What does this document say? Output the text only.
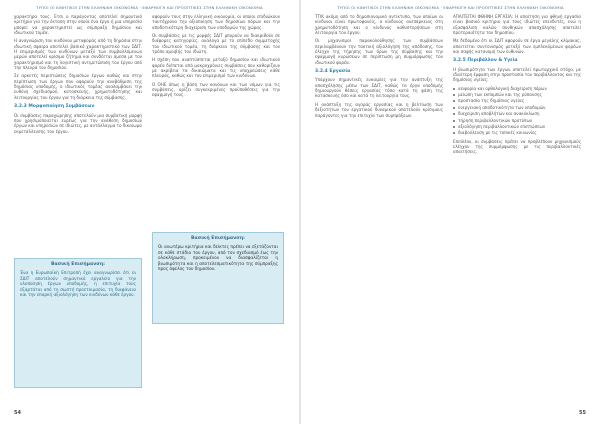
ΤΥΠΟΙ ΟΙ ΚΙΝΗΤΙΚΟΙ ΣΤΗΝ ΕΛΛΗΝΙΚΗ ΟΙΚΟΝΟΜΙΑ · ΕΦΑΡΜΟΓΗ ΚΑΙ ΠΡΟΟΠΤΙΚΕΣ ΣΤΗΝ ΕΛΛΗΝΙΚΗ ΟΙΚΟΝΟΜΙΑ

χαρακτήρα τους. Έτσι ο παράγοντας αποτελεί σημαντικό κριτήριο για την έκταση στην οποία ένα έργο ή μια υπηρεσία μπορεί να χαρακτηριστεί ως σύμπραξη δημόσιου και ιδιωτικού τομέα.

Η αναγνώριση του κινδύνου μεταφοράς από τη δημόσια στην ιδιωτική σφαίρα αποτελεί βασικό χαρακτηριστικό των ΣΔΙΤ. Η επιμερισμός των κινδύνων μεταξύ των συμβαλλόμενων μερών αποτελεί κρίσιμο ζήτημα και συνδέεται άμεσα με τον χαρακτηρισμό και τη λογιστική αντιμετώπιση του έργου από την πλευρά του δημοσίου.

Σε αρκετές περιπτώσεις δημοσίων έργων καθώς και στην περίπτωση των έργων που αφορούν την αναβάθμιση της δημόσιας υποδομής, ο ιδιωτικός τομέας αναλαμβάνει την ευθύνη σχεδιασμού, κατασκευής, χρηματοδότησης και λειτουργίας του έργου για τη διάρκεια της σύμβασης.

3.2.3 Μορφοποίηση Συμβάσεων

Οι συμβάσεις παραχώρησης αποτελούν μια συμβατική μορφή που χρησιμοποιείται ευρέως για την ανάθεση δημοσίων έργων και υπηρεσιών σε ιδιώτες, με αντάλλαγμα το δικαίωμα εκμετάλλευσης του έργου.

Βασική Επισήμανση:
Ένα η Ευρωπαϊκή Επιτροπή έχει αναγνωρίσει ότι οι ΣΔΙΤ αποτελούν σημαντικό εργαλείο για την υλοποίηση έργων υποδομής, η επιτυχία τους εξαρτάται από τη σωστή προετοιμασία, τη διαφάνεια και την επαρκή αξιολόγηση των κινδύνων κάθε έργου.

αφορούν τους στην ελληνική οικονομία, οι οποίοι επιδιώκουν ταυτόχρονα την αξιοποίηση των δημοσίων πόρων και την αποδοτικότερη διαχείριση των υποδομών της χώρας.

Οι συμβάσεις με τις μορφές ΣΔΙΤ μπορούν να διακριθούν σε διάφορες κατηγορίες, ανάλογα με το επίπεδο συμμετοχής του ιδιωτικού τομέα, τη διάρκεια της σύμβασης και τον τρόπο αμοιβής του ιδιώτη.

Η σχέση που αναπτύσσεται μεταξύ δημοσίου και ιδιωτικού φορέα διέπεται από μακροχρόνιες συμβάσεις που καθορίζουν με ακρίβεια τα δικαιώματα και τις υποχρεώσεις κάθε πλευράς, καθώς και τον επιμερισμό των κινδύνων.

Ο ΟΗΕ όπως η βάση των κανόνων και των νόμων για τις συμβάσεις, ορίζει συγκεκριμένες προϋποθέσεις για την εφαρμογή τους.

Βασική Επισήμανση:
Οι ανωτέρω κριτήρια και δείκτες πρέπει να εξετάζονται σε κάθε στάδιο του έργου, από τον σχεδιασμό έως την ολοκλήρωση, προκειμένου να διασφαλίζεται η βιωσιμότητα και η αποτελεσματικότητα της σύμπραξης προς όφελος του δημοσίου.
54
ΤΥΠΟΙ ΟΙ ΚΙΝΗΤΙΚΟΙ ΣΤΗΝ ΕΛΛΗΝΙΚΗ ΟΙΚΟΝΟΜΙΑ · ΕΦΑΡΜΟΓΗ ΚΑΙ ΠΡΟΟΠΤΙΚΕΣ ΣΤΗΝ ΕΛΛΗΝΙΚΗ ΟΙΚΟΝΟΜΙΑ

ΤΤΙΚ ακόμη από το δημοσιονομικό αντίκτυπο, των οποίων οι κίνδυνοι είναι πρωτοφανείς, ο κίνδυνος ανεπάρκειας στη χρηματοδότηση και ο κίνδυνος καθυστερήσεων στη λειτουργία του έργου.

Οι μηχανισμοί παρακολούθησης των συμβάσεων περιλαμβάνουν την τακτική αξιολόγηση της απόδοσης, τον έλεγχο της τήρησης των όρων της σύμβασης και την εφαρμογή κυρώσεων σε περίπτωση μη συμμόρφωσης του ιδιωτικού φορέα.

3.2.4 Εργασία

Υπάρχουν σημαντικές ευκαιρίες για την ανάπτυξη της απασχόλησης μέσω των ΣΔΙΤ, καθώς τα έργα υποδομής δημιουργούν θέσεις εργασίας τόσο κατά τη φάση της κατασκευής όσο και κατά τη λειτουργία τους.

Η ανάπτυξη της αγοράς εργασίας και η βελτίωση των δεξιοτήτων του εργατικού δυναμικού αποτελούν κρίσιμους παράγοντες για την επιτυχία των συμπράξεων.

ΑΠΑΙΤΕΙΤΑΙ ΦΘΗΝΗ ΕΡΓΑΣΙΑ: Η απαίτηση για φθηνή εργασία είναι βασικό κριτήριο για τους ιδιώτες επενδυτές, ενώ η εξασφάλιση καλών συνθηκών απασχόλησης αποτελεί προτεραιότητα του δημοσίου.

Με δεδομένο ότι οι ΣΔΙΤ αφορούν σε έργα μεγάλης κλίμακας, απαιτείται συντονισμός μεταξύ των εμπλεκόμενων φορέων και σαφής κατανομή των ευθυνών.

3.2.5 Περιβάλλον & Υγεία

Η βιωσιμότητα των έργων αποτελεί πρωταρχικό στόχο, με ιδιαίτερη έμφαση στην προστασία του περιβάλλοντος και της δημόσιας υγείας:

αειφορία και ορθολογική διαχείριση πόρων
μείωση των εκπομπών και της ρύπανσης
προστασία της δημόσιας υγείας
ενεργειακή αποδοτικότητα των υποδομών
διαχείριση αποβλήτων και ανακύκλωση
τήρηση περιβαλλοντικών προτύπων
αξιολόγηση περιβαλλοντικών επιπτώσεων
διαβούλευση με τις τοπικές κοινωνίες

Επιπλέον, οι συμβάσεις πρέπει να προβλέπουν μηχανισμούς ελέγχου της συμμόρφωσης με τις περιβαλλοντικές απαιτήσεις.

55
